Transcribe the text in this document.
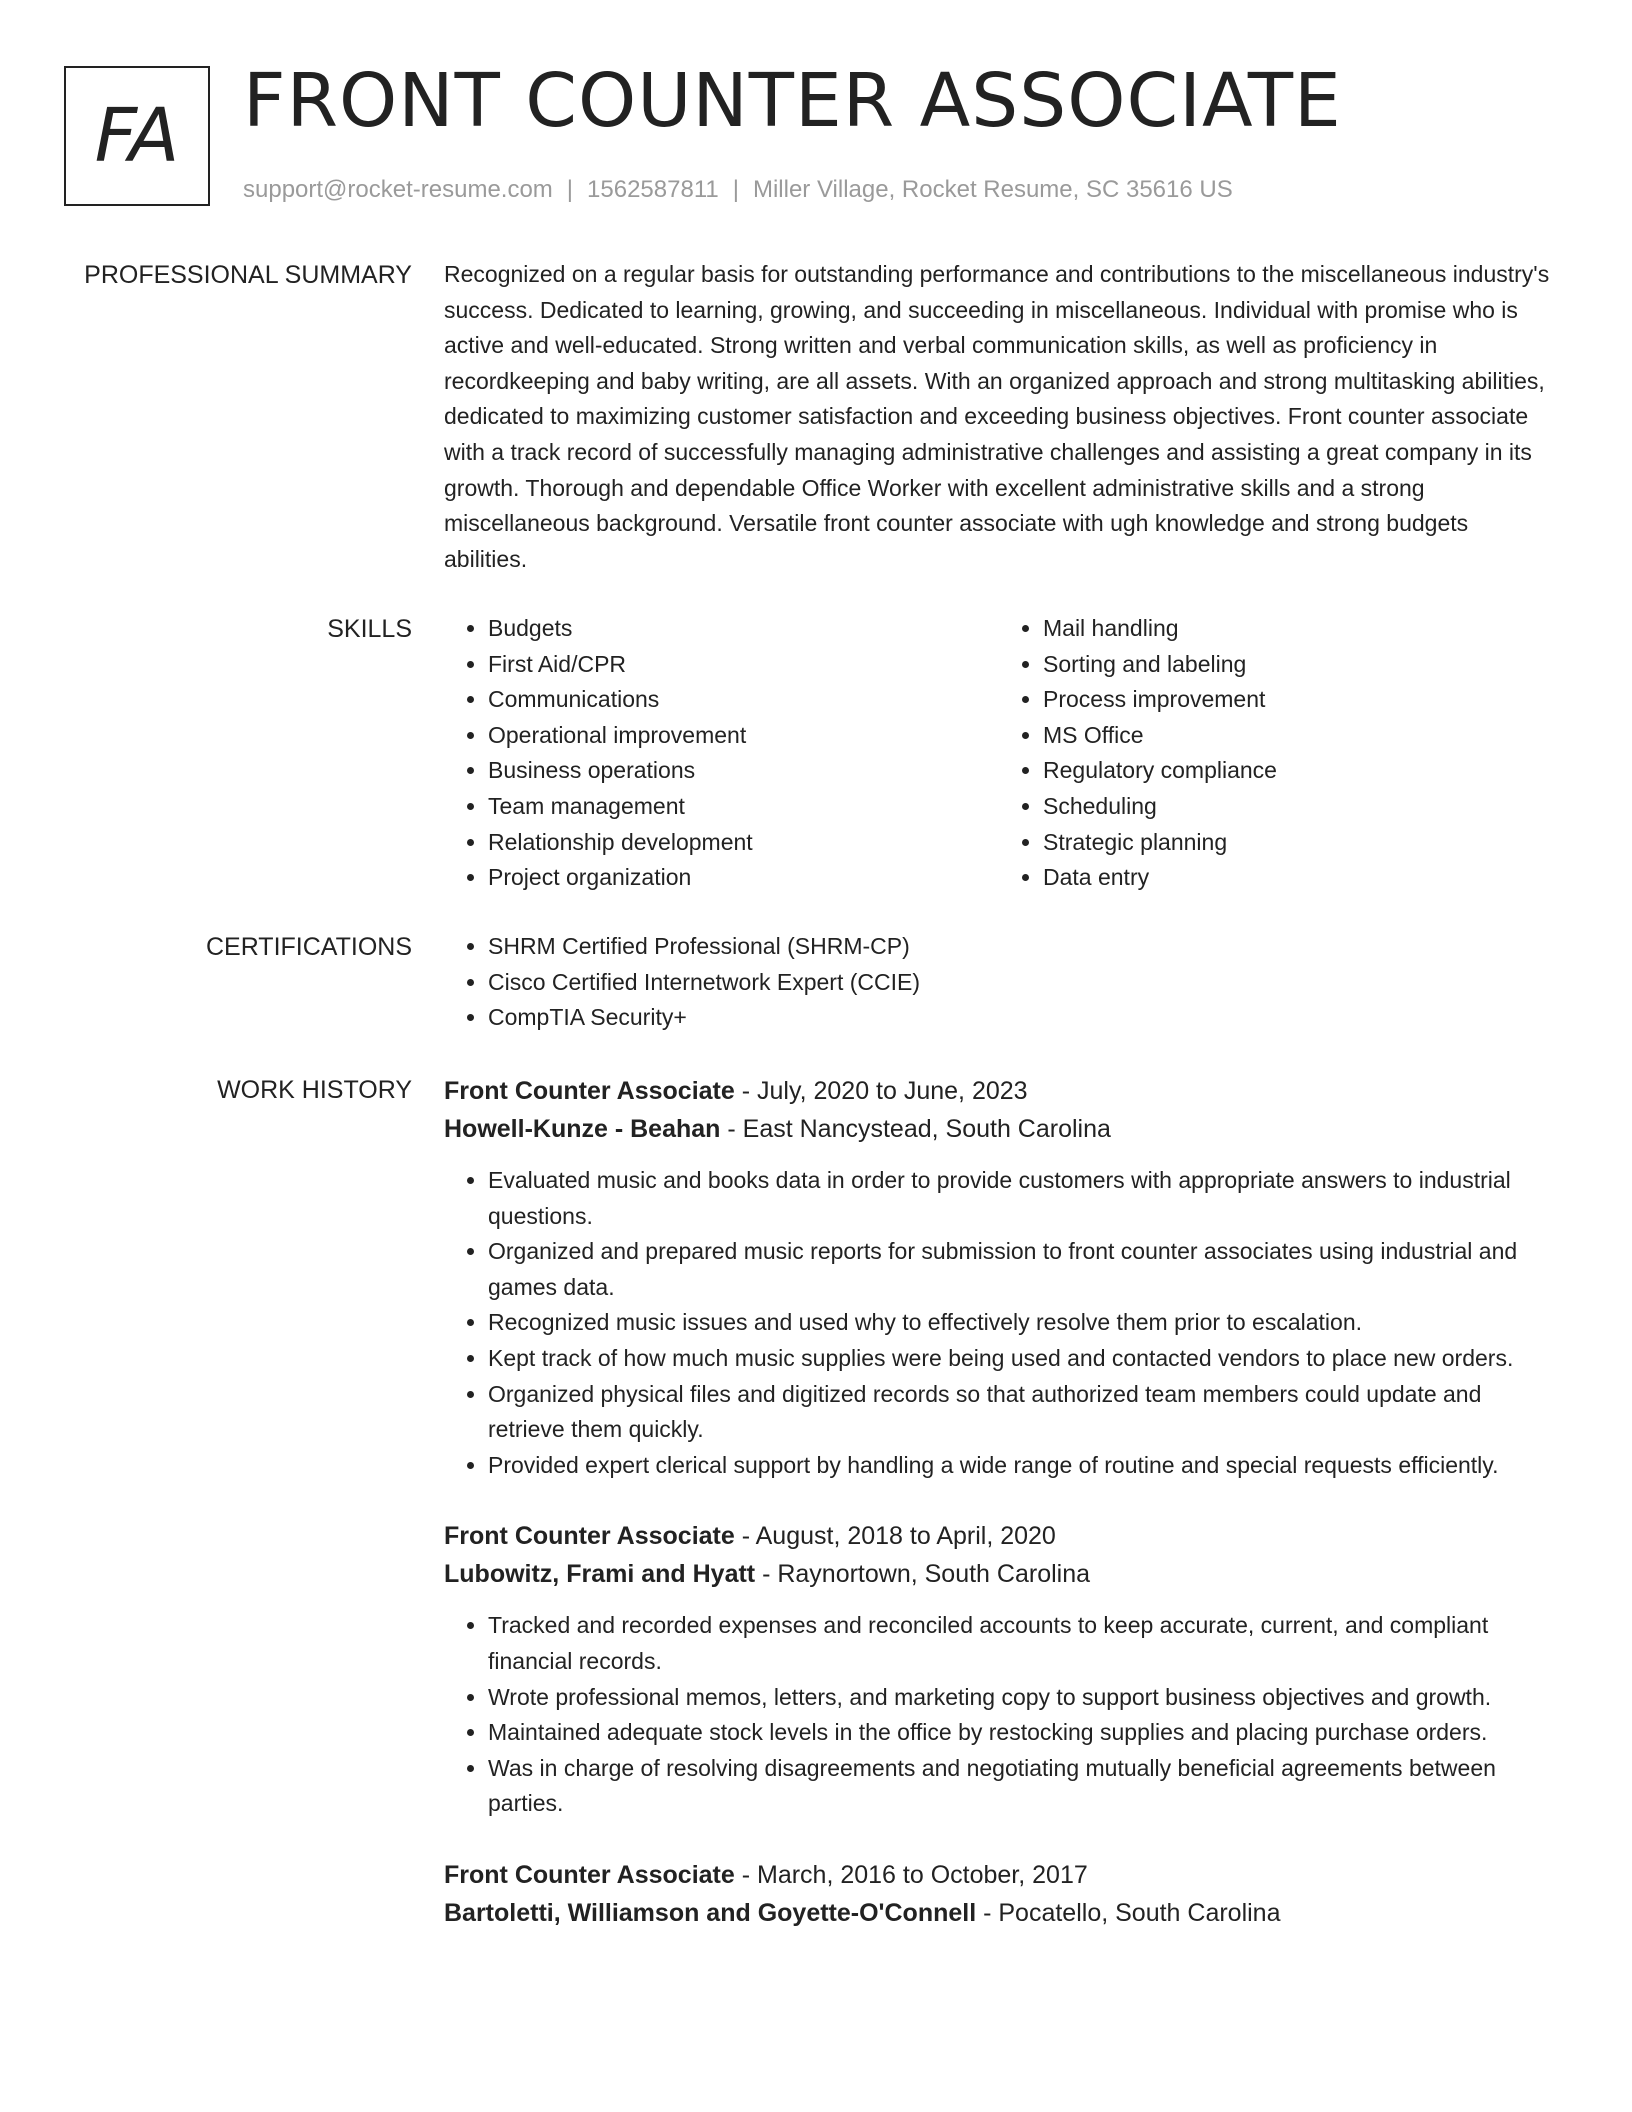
FA FRONT COUNTER ASSOCIATE
support@rocket-resume.com | 1562587811 | Miller Village, Rocket Resume, SC 35616 US
PROFESSIONAL SUMMARY Recognized on a regular basis for outstanding performance and contributions to the miscellaneous industry's success. Dedicated to learning, growing, and succeeding in miscellaneous. Individual with promise who is active and well-educated. Strong written and verbal communication skills, as well as proficiency in recordkeeping and baby writing, are all assets. With an organized approach and strong multitasking abilities, dedicated to maximizing customer satisfaction and exceeding business objectives. Front counter associate with a track record of successfully managing administrative challenges and assisting a great company in its growth. Thorough and dependable Office Worker with excellent administrative skills and a strong miscellaneous background. Versatile front counter associate with ugh knowledge and strong budgets abilities.

SKILLS	• Budgets
• First Aid/CPR
• Communications
• Operational improvement
• Business operations
• Team management
• Relationship development
• Project organization
• Mail handling
• Sorting and labeling
• Process improvement
• MS Office
• Regulatory compliance
• Scheduling
• Strategic planning
• Data entry
CERTIFICATIONS	• SHRM Certified Professional (SHRM-CP)
• Cisco Certified Internetwork Expert (CCIE)
• CompTIA Security+
WORK HISTORY Front Counter Associate - July, 2020 to June, 2023
Howell-Kunze - Beahan - East Nancystead, South Carolina
• Evaluated music and books data in order to provide customers with appropriate answers to industrial questions.
• Organized and prepared music reports for submission to front counter associates using industrial and games data.
• Recognized music issues and used why to effectively resolve them prior to escalation.
• Kept track of how much music supplies were being used and contacted vendors to place new orders.
• Organized physical files and digitized records so that authorized team members could update and retrieve them quickly.
• Provided expert clerical support by handling a wide range of routine and special requests efficiently.
Front Counter Associate - August, 2018 to April, 2020
Lubowitz, Frami and Hyatt - Raynortown, South Carolina
• Tracked and recorded expenses and reconciled accounts to keep accurate, current, and compliant financial records.
• Wrote professional memos, letters, and marketing copy to support business objectives and growth.
• Maintained adequate stock levels in the office by restocking supplies and placing purchase orders.
• Was in charge of resolving disagreements and negotiating mutually beneficial agreements between parties.
Front Counter Associate - March, 2016 to October, 2017
Bartoletti, Williamson and Goyette-O'Connell - Pocatello, South Carolina
